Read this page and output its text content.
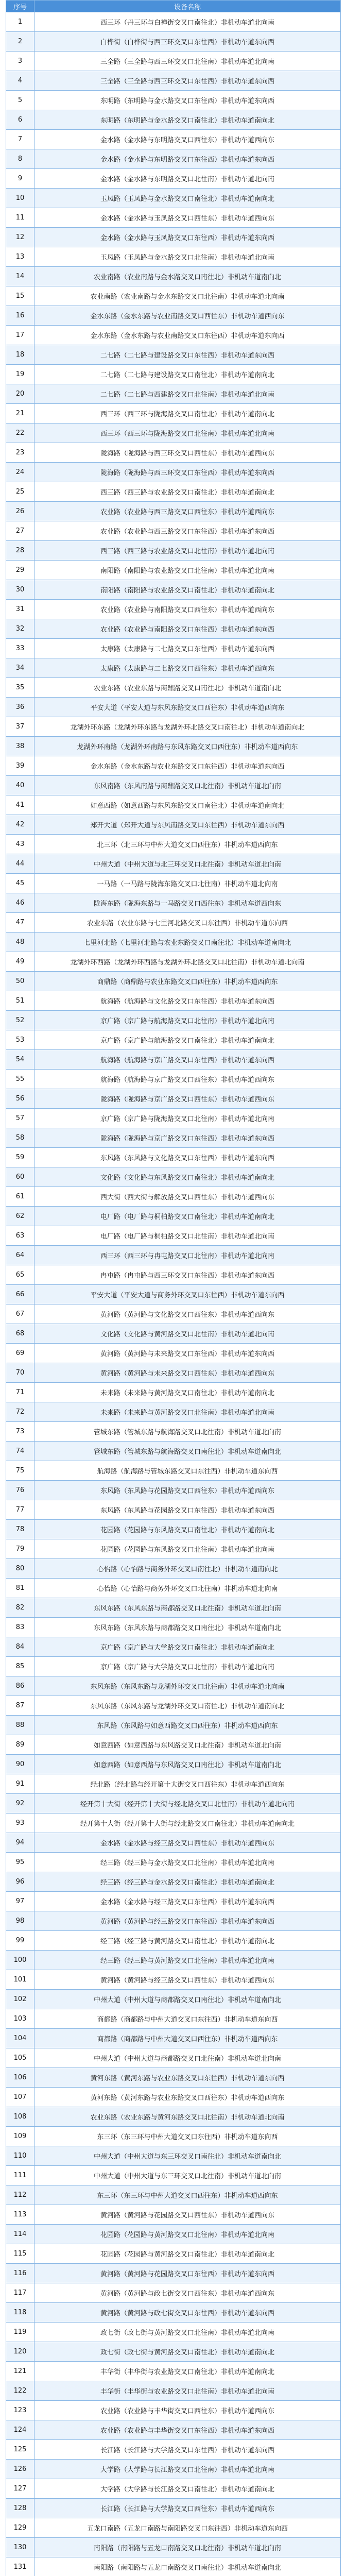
序号	设备名称
1	西三环（丹三环与白禅街交叉口南往北）非机动车道北向南
2	白桦街（白桦街与西三环交叉口东往西）非机动车道东向西
3	三全路（三全路与西三环交叉口北往南）非机动车道北向南
4	三全路（三全路与西三环交叉口东往西）非机动车道东向西
5	东明路（东明路与金水路交叉口东往西）非机动车道东向西
6	东明路（东明路与金水路交叉口南往北）非机动车道南向北
7	金水路（金水路与东明路交叉口西往东）非机动车道西向东
8	金水路（金水路与东明路交叉口东往西）非机动车道东向西
9	金水路（金水路与东明路交叉口北往南）非机动车道北向南
10	玉凤路（玉凤路与金水路交叉口南往北）非机动车道南向北
11	金水路（金水路与玉凤路交叉口西往东）非机动车道西向东
12	金水路（金水路与玉凤路交叉口东往西）非机动车道东向西
13	玉凤路（玉凤路与金水路交叉口北往南）非机动车道北向南
14	农业南路（农业南路与金水路交叉口南往北）非机动车道南向北
15	农业南路（农业南路与金水东路交叉口北往南）非机动车道北向南
16	金水东路（金水东路与农业南路交叉口西往东）非机动车道西向东
17	金水东路（金水东路与农业南路交叉口东往西）非机动车道东向西
18	二七路（二七路与建设路交叉口东往西）非机动车道东向西
19	二七路（二七路与建设路交叉口南往北）非机动车道南向北
20	二七路（二七路与西建路交叉口北往南）非机动车道北向南
21	西三环（西三环与陇海路交叉口南往北）非机动车道南向北
22	西三环（西三环与陇海路交叉口北往南）非机动车道北向南
23	陇海路（陇海路与西三环交叉口西往东）非机动车道西向东
24	陇海路（陇海路与西三环交叉口东往西）非机动车道东向西
25	西三路（西三路与农业路交叉口南往北）非机动车道南向北
26	农业路（农业路与西三路交叉口西往东）非机动车道西向东
27	农业路（农业路与西三路交叉口东往西）非机动车道东向西
28	西三路（西三路与农业路交叉口北往南）非机动车道北向南
29	南阳路（南阳路与农业路交叉口北往南）非机动车道北向南
30	南阳路（南阳路与农业路交叉口南往北）非机动车道南向北
31	农业路（农业路与南阳路交叉口西往东）非机动车道西向东
32	农业路（农业路与南阳路交叉口东往西）非机动车道东向西
33	太康路（太康路与二七路交叉口东往西）非机动车道东向西
34	太康路（太康路与二七路交叉口西往东）非机动车道西向东
35	农业东路（农业东路与商鼎路交叉口南往北）非机动车道南向北
36	平安大道（平安大道与东风东路交叉口西往东）非机动车道西向东
37	龙湖外环东路（龙湖外环东路与龙湖外环北路交叉口南往北）非机动车道南向北
38	龙湖外环南路（龙湖外环南路与东风东路交叉口西往东）非机动车道西向东
39	金水东路（金水东路与农业东路交叉口东往西）非机动车道东向西
40	东风南路（东风南路与商鼎路交叉口北往南）非机动车道北向南
41	如意西路（如意西路与东风东路交叉口南往北）非机动车道南向北
42	郑开大道（郑开大道与东风南路交叉口东往西）非机动车道东向西
43	北三环（北三环与中州大道交叉口西往东）非机动车道西向东
44	中州大道（中州大道与北三环交叉口北往南）非机动车道北向南
45	一马路（一马路与陇海东路交叉口北往南）非机动车道北向南
46	陇海东路（陇海东路与一马路交叉口西往东）非机动车道西向东
47	农业东路（农业东路与七里河北路交叉口东往西）非机动车道东向西
48	七里河北路（七里河北路与农业东路交叉口南往北）非机动车道南向北
49	龙湖外环西路（龙湖外环西路与龙湖外环北路交叉口北往南）非机动车道北向南
50	商鼎路（商鼎路与农业东路交叉口西往东）非机动车道西向东
51	航海路（航海路与文化路交叉口东往西）非机动车道东向西
52	京广路（京广路与航海路交叉口北往南）非机动车道北向南
53	京广路（京广路与航海路交叉口南往北）非机动车道南向北
54	航海路（航海路与京广路交叉口东往西）非机动车道东向西
55	航海路（航海路与京广路交叉口西往东）非机动车道西向东
56	陇海路（陇海路与京广路交叉口西往东）非机动车道西向东
57	京广路（京广路与陇海路交叉口北往南）非机动车道北向南
58	陇海路（陇海路与京广路交叉口东往西）非机动车道东向西
59	东风路（东风路与文化路交叉口东往西）非机动车道东向西
60	文化路（文化路与东风路交叉口南往北）非机动车道南向北
61	西大街（西大街与解放路交叉口西往东）非机动车道西向东
62	电厂路（电厂路与桐柏路交叉口南往北）非机动车道南向北
63	电厂路（电厂路与桐柏路交叉口北往南）非机动车道北向南
64	西三环（西三环与冉屯路交叉口北往南）非机动车道北向南
65	冉屯路（冉屯路与西三环交叉口东往西）非机动车道东向西
66	平安大道（平安大道与商务外环交叉口东往西）非机动车道东向西
67	黄河路（黄河路与文化路交叉口西往东）非机动车道西向东
68	文化路（文化路与黄河路交叉口北往南）非机动车道北向南
69	黄河路（黄河路与未来路交叉口东往西）非机动车道东向西
70	黄河路（黄河路与未来路交叉口西往东）非机动车道西向东
71	未来路（未来路与黄河路交叉口南往北）非机动车道南向北
72	未来路（未来路与黄河路交叉口北往南）非机动车道北向南
73	管城东路（管城东路与航海路交叉口北往南）非机动车道北向南
74	管城东路（管城东路与航海路交叉口南往北）非机动车道南向北
75	航海路（航海路与管城东路交叉口东往西）非机动车道东向西
76	东风路（东风路与花园路交叉口西往东）非机动车道西向东
77	东风路（东风路与花园路交叉口东往西）非机动车道东向西
78	花园路（花园路与东风路交叉口南往北）非机动车道南向北
79	花园路（花园路与东风路交叉口北往南）非机动车道北向南
80	心怡路（心怡路与商务外环交叉口南往北）非机动车道南向北
81	心怡路（心怡路与商务外环交叉口北往南）非机动车道北向南
82	东风东路（东风东路与商都路交叉口北往南）非机动车道北向南
83	东风东路（东风东路与商都路交叉口南往北）非机动车道南向北
84	京广路（京广路与大学路交叉口南往北）非机动车道南向北
85	京广路（京广路与大学路交叉口北往南）非机动车道北向南
86	东风东路（东风东路与龙湖外环交叉口北往南）非机动车道北向南
87	东风东路（东风东路与龙湖外环交叉口南往北）非机动车道南向北
88	东风路（东风路与如意西路交叉口西往东）非机动车道西向东
89	如意西路（如意西路与东风路交叉口北往南）非机动车道北向南
90	如意西路（如意西路与东风路交叉口南往北）非机动车道南向北
91	经北路（经北路与经开第十大街交叉口西往东）非机动车道西向东
92	经开第十大街（经开第十大街与经北路交叉口北往南）非机动车道北向南
93	经开第十大街（经开第十大街与经北路交叉口南往北）非机动车道南向北
94	金水路（金水路与经三路交叉口西往东）非机动车道西向东
95	经三路（经三路与金水路交叉口北往南）非机动车道北向南
96	经三路（经三路与金水路交叉口南往北）非机动车道南向北
97	金水路（金水路与经三路交叉口东往西）非机动车道东向西
98	黄河路（黄河路与经三路交叉口东往西）非机动车道东向西
99	经三路（经三路与黄河路交叉口南往北）非机动车道南向北
100	经三路（经三路与黄河路交叉口北往南）非机动车道北向南
101	黄河路（黄河路与经三路交叉口西往东）非机动车道西向东
102	中州大道（中州大道与商都路交叉口南往北）非机动车道南向北
103	商都路（商都路与中州大道交叉口东往西）非机动车道东向西
104	商都路（商都路与中州大道交叉口西往东）非机动车道西向东
105	中州大道（中州大道与商都路交叉口北往南）非机动车道北向南
106	黄河东路（黄河东路与农业东路交叉口东往西）非机动车道东向西
107	黄河东路（黄河东路与农业东路交叉口西往东）非机动车道西向东
108	农业东路（农业东路与黄河东路交叉口北往南）非机动车道北向南
109	东三环（东三环与中州大道交叉口东往西）非机动车道东向西
110	中州大道（中州大道与东三环交叉口南往北）非机动车道南向北
111	中州大道（中州大道与东三环交叉口北往南）非机动车道北向南
112	东三环（东三环与中州大道交叉口西往东）非机动车道西向东
113	黄河路（黄河路与花园路交叉口西往东）非机动车道西向东
114	花园路（花园路与黄河路交叉口北往南）非机动车道北向南
115	花园路（花园路与黄河路交叉口南往北）非机动车道南向北
116	黄河路（黄河路与花园路交叉口东往西）非机动车道东向西
117	黄河路（黄河路与政七街交叉口西往东）非机动车道西向东
118	黄河路（黄河路与政七街交叉口东往西）非机动车道东向西
119	政七街（政七街与黄河路交叉口北往南）非机动车道北向南
120	政七街（政七街与黄河路交叉口南往北）非机动车道南向北
121	丰华街（丰华街与农业路交叉口南往北）非机动车道南向北
122	丰华街（丰华街与农业路交叉口北往南）非机动车道北向南
123	农业路（农业路与丰华街交叉口西往东）非机动车道西向东
124	农业路（农业路与丰华街交叉口东往西）非机动车道东向西
125	长江路（长江路与大学路交叉口东往西）非机动车道东向西
126	大学路（大学路与长江路交叉口北往南）非机动车道北向南
127	大学路（大学路与长江路交叉口南往北）非机动车道南向北
128	长江路（长江路与大学路交叉口西往东）非机动车道西向东
129	五龙口南路（五龙口南路与南阳路交叉口东往西）非机动车道东向西
130	南阳路（南阳路与五龙口南路交叉口北往南）非机动车道北向南
131	南阳路（南阳路与五龙口南路交叉口南往北）非机动车道南向北
